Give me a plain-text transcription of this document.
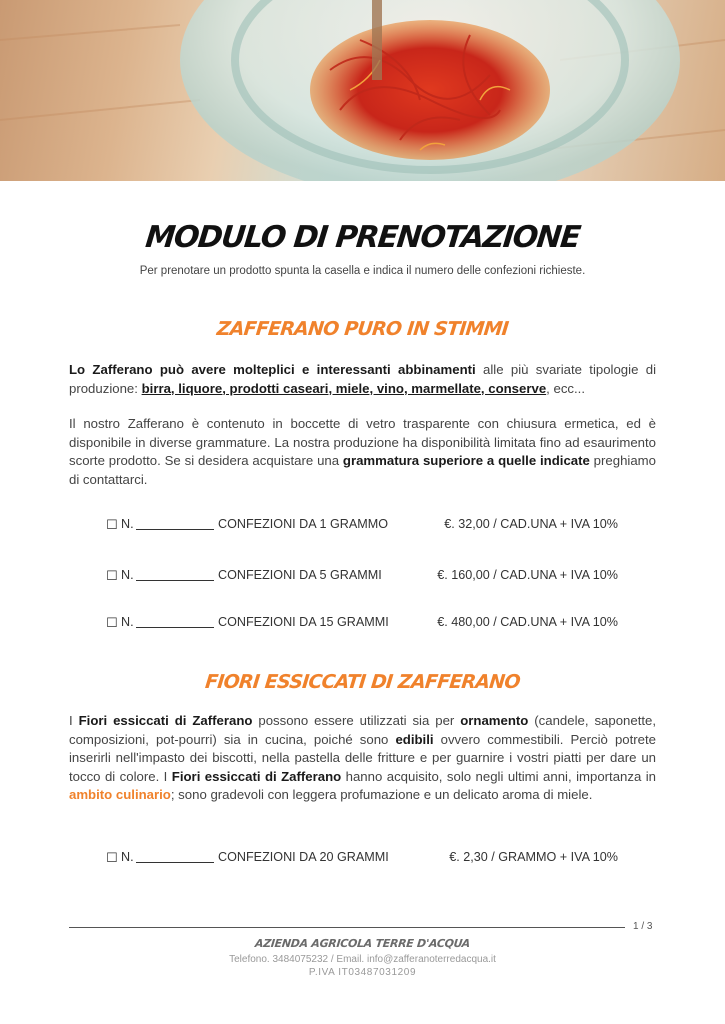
MODULO DI PRENOTAZIONE
Per prenotare un prodotto spunta la casella e indica il numero delle confezioni richieste.
ZAFFERANO PURO IN STIMMI
Lo Zafferano può avere molteplici e interessanti abbinamenti alle più svariate tipologie di produzione: birra, liquore, prodotti caseari, miele, vino, marmellate, conserve, ecc...
Il nostro Zafferano è contenuto in boccette di vetro trasparente con chiusura ermetica, ed è disponibile in diverse grammature. La nostra produzione ha disponibilità limitata fino ad esaurimento scorte prodotto. Se si desidera acquistare una grammatura superiore a quelle indicate preghiamo di contattarci.
☐ N.	CONFEZIONI DA 1 GRAMMO	€. 32,00 / CAD.UNA + IVA 10%
☐ N.	CONFEZIONI DA 5 GRAMMI	€. 160,00 / CAD.UNA + IVA 10%
☐ N.	CONFEZIONI DA 15 GRAMMI	€. 480,00 / CAD.UNA + IVA 10%
FIORI ESSICCATI DI ZAFFERANO
I Fiori essiccati di Zafferano possono essere utilizzati sia per ornamento (candele, saponette, composizioni, pot-pourri) sia in cucina, poiché sono edibili ovvero commestibili. Perciò potrete inserirli nell'impasto dei biscotti, nella pastella delle fritture e per guarnire i vostri piatti per dare un tocco di colore. I Fiori essiccati di Zafferano hanno acquisito, solo negli ultimi anni, importanza in ambito culinario; sono gradevoli con leggera profumazione e un delicato aroma di miele.
☐ N.	CONFEZIONI DA 20 GRAMMI	€. 2,30 / GRAMMO + IVA 10%
1 / 3
AZIENDA AGRICOLA TERRE D'ACQUA
Telefono. 3484075232 / Email. info@zafferanoterredacqua.it
P.IVA IT03487031209
